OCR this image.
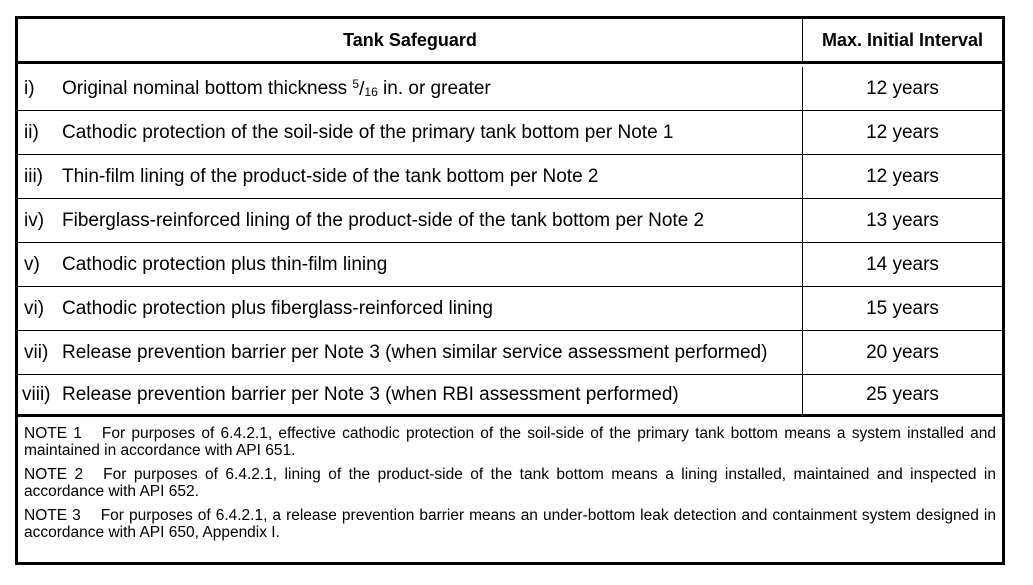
Tank Safeguard	Max. Initial Interval
i) Original nominal bottom thickness $^5/_{16}$ in. or greater	12 years
ii) Cathodic protection of the soil-side of the primary tank bottom per Note 1	12 years
iii) Thin-film lining of the product-side of the tank bottom per Note 2	12 years
iv) Fiberglass-reinforced lining of the product-side of the tank bottom per Note 2	13 years
v) Cathodic protection plus thin-film lining	14 years
vi) Cathodic protection plus fiberglass-reinforced lining	15 years
vii) Release prevention barrier per Note 3 (when similar service assessment performed)	20 years
viii) Release prevention barrier per Note 3 (when RBI assessment performed)	25 years
NOTE 1 For purposes of 6.4.2.1, effective cathodic protection of the soil-side of the primary tank bottom means a system installed and maintained in accordance with API 651.
NOTE 2 For purposes of 6.4.2.1, lining of the product-side of the tank bottom means a lining installed, maintained and inspected in accordance with API 652.
NOTE 3 For purposes of 6.4.2.1, a release prevention barrier means an under-bottom leak detection and containment system designed in accordance with API 650, Appendix I.
